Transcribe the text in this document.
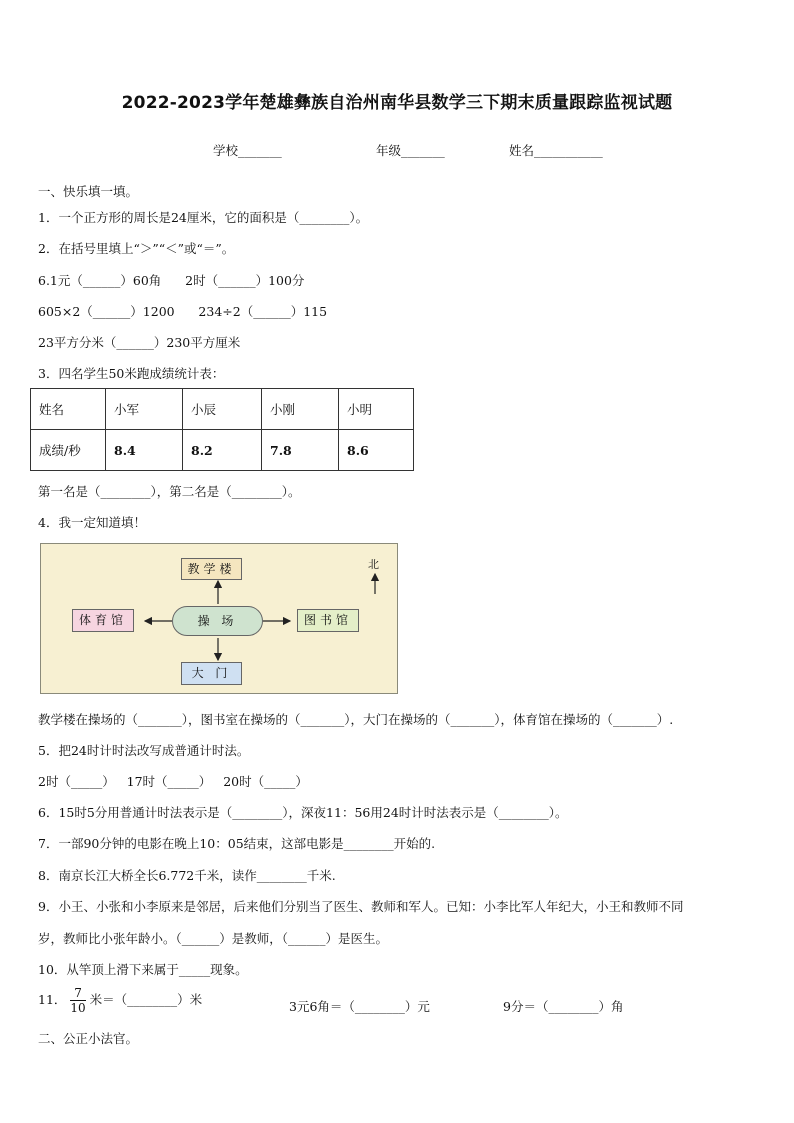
2022-2023学年楚雄彝族自治州南华县数学三下期末质量跟踪监视试题
学校_______	年级_______	姓名___________
一、快乐填一填。
1．一个正方形的周长是24厘米，它的面积是（________）。
2．在括号里填上“＞”“＜”或“＝”。
6.1元（______）60角      2时（______）100分
605×2（______）1200      234÷2（______）115
23平方分米（______）230平方厘米
3．四名学生50米跑成绩统计表：
姓名	小军	小辰	小刚	小明
成绩/秒	8.4	8.2	7.8	8.6
第一名是（________），第二名是（________）。
4．我一定知道填！
北
教学楼
操 场
体育馆	图书馆
大 门
教学楼在操场的（_______），图书室在操场的（_______），大门在操场的（_______），体育馆在操场的（_______）.
5．把24时计时法改写成普通计时法。
2时（_____）   17时（_____）   20时（_____）
6．15时5分用普通计时法表示是（________），深夜11：56用24时计时法表示是（________）。
7．一部90分钟的电影在晚上10：05结束，这部电影是________开始的.
8．南京长江大桥全长6.772千米，读作________千米.
9．小王、小张和小李原来是邻居，后来他们分别当了医生、教师和军人。已知：小李比军人年纪大，小王和教师不同
岁，教师比小张年龄小。（______）是教师，（______）是医生。
10．从竿顶上滑下来属于_____现象。
11． $\frac{7}{10}$ 米＝（________）米	3元6角＝（________）元	9分＝（________）角
二、公正小法官。
